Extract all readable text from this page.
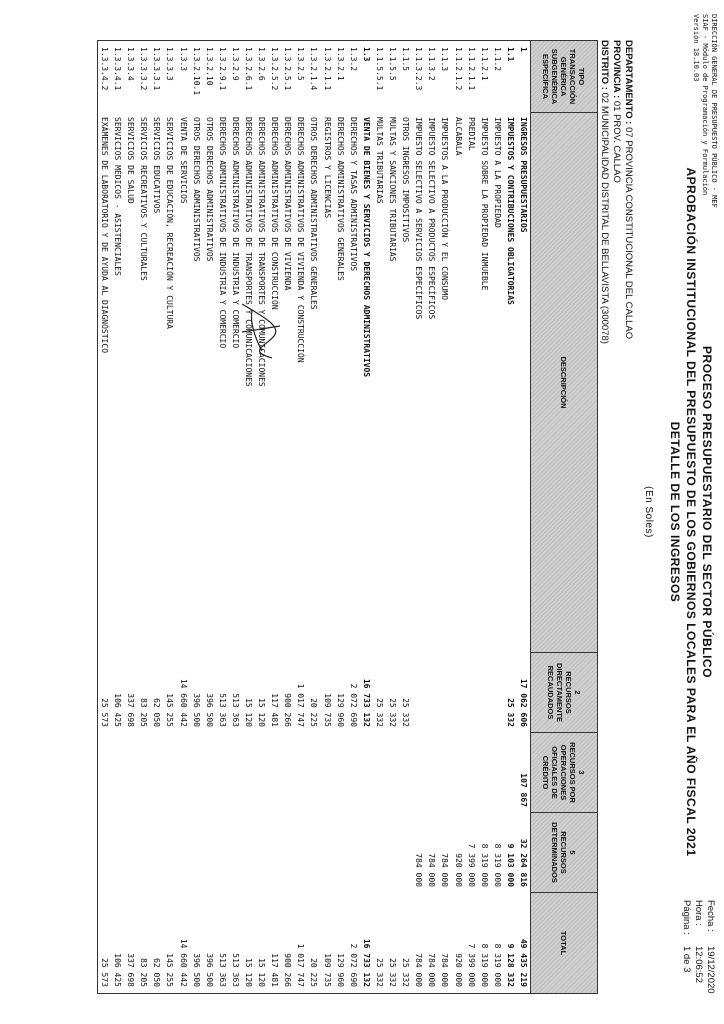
DIRECCIÓN GENERAL DE PRESUPUESTO PÚBLICO - MEF
SIAF - Módulo de Programación y Formulación
Versión 18.10.03
PROCESO PRESUPUESTARIO DEL SECTOR PÚBLICO
APROBACIÓN INSTITUCIONAL DEL PRESUPUESTO DE LOS GOBIERNOS LOCALES PARA EL AÑO FISCAL 2021
DETALLE DE LOS INGRESOS
(En Soles)
Fecha :
19/12/2020
Hora :
12:06:52
Página :
1 de 3
DEPARTAMENTO : 07 PROVINCIA CONSTITUCIONAL DEL CALLAO
PROVINCIA : 01 PROV. CALLAO
DISTRITO : 02 MUNICIPALIDAD DISTRITAL DE BELLAVISTA (300078)
TIPO TRANSACCIÓN GENÉRICA SUBGENÉRICA ESPECÍFICA
DESCRIPCIÓN
2
RECURSOS DIRECTAMENTE RECAUDADOS
3
RECURSOS POR OPERACIONES OFICIALES DE CRÉDITO
5
RECURSOS DETERMINADOS
TOTAL
1
INGRESOS PRESUPUESTARIOS
17 062 606
107 867
32 264 816
49 435 219
1.1
IMPUESTOS Y CONTRIBUCIONES OBLIGATORIAS
25 332
9 103 000
9 128 332
1.1.2
IMPUESTO A LA PROPIEDAD
8 319 000
8 319 000
1.1.2.1
IMPUESTO SOBRE LA PROPIEDAD INMUEBLE
8 319 000
8 319 000
1.1.2.1.1
PREDIAL
7 399 000
7 399 000
1.1.2.1.2
ALCABALA
920 000
920 000
1.1.3
IMPUESTOS A LA PRODUCCIÓN Y EL CONSUMO
784 000
784 000
1.1.3.2
IMPUESTO SELECTIVO A PRODUCTOS ESPECÍFICOS
784 000
784 000
1.1.3.2.3
IMPUESTO SELECTIVO A SERVICIOS ESPECÍFICOS
784 000
784 000
1.1.5
OTROS INGRESOS IMPOSITIVOS
25 332
25 332
1.1.5.5
MULTAS Y SANCIONES TRIBUTARIAS
25 332
25 332
1.1.5.5.1
MULTAS TRIBUTARIAS
25 332
25 332
1.3
VENTA DE BIENES Y SERVICIOS Y DERECHOS ADMINISTRATIVOS
16 733 132
16 733 132
1.3.2
DERECHOS Y TASAS ADMINISTRATIVOS
2 072 690
2 072 690
1.3.2.1
DERECHOS ADMINISTRATIVOS GENERALES
129 960
129 960
1.3.2.1.1
REGISTROS Y LICENCIAS
109 735
109 735
1.3.2.1.4
OTROS DERECHOS ADMINISTRATIVOS GENERALES
20 225
20 225
1.3.2.5
DERECHOS ADMINISTRATIVOS DE VIVIENDA Y CONSTRUCCIÓN
1 017 747
1 017 747
1.3.2.5.1
DERECHOS ADMINISTRATIVOS DE VIVIENDA
900 266
900 266
1.3.2.5.2
DERECHOS ADMINISTRATIVOS DE CONSTRUCCIÓN
117 481
117 481
1.3.2.6
DERECHOS ADMINISTRATIVOS DE TRANSPORTES Y COMUNICACIONES
15 120
15 120
1.3.2.6.1
DERECHOS ADMINISTRATIVOS DE TRANSPORTES Y COMUNICACIONES
15 120
15 120
1.3.2.9
DERECHOS ADMINISTRATIVOS DE INDUSTRIA Y COMERCIO
513 363
513 363
1.3.2.9.1
DERECHOS ADMINISTRATIVOS DE INDUSTRIA Y COMERCIO
513 363
513 363
1.3.2.10
OTROS DERECHOS ADMINISTRATIVOS
396 500
396 500
1.3.2.10.1
OTROS DERECHOS ADMINISTRATIVOS
396 500
396 500
1.3.3
VENTA DE SERVICIOS
14 660 442
14 660 442
1.3.3.3
SERVICIOS DE EDUCACIÓN, RECREACIÓN Y CULTURA
145 255
145 255
1.3.3.3.1
SERVICIOS EDUCATIVOS
62 050
62 050
1.3.3.3.2
SERVICIOS RECREATIVOS Y CULTURALES
83 205
83 205
1.3.3.4
SERVICIOS DE SALUD
337 698
337 698
1.3.3.4.1
SERVICIOS MÉDICOS - ASISTENCIALES
106 425
106 425
1.3.3.4.2
EXÁMENES DE LABORATORIO Y DE AYUDA AL DIAGNÓSTICO
25 573
25 573
